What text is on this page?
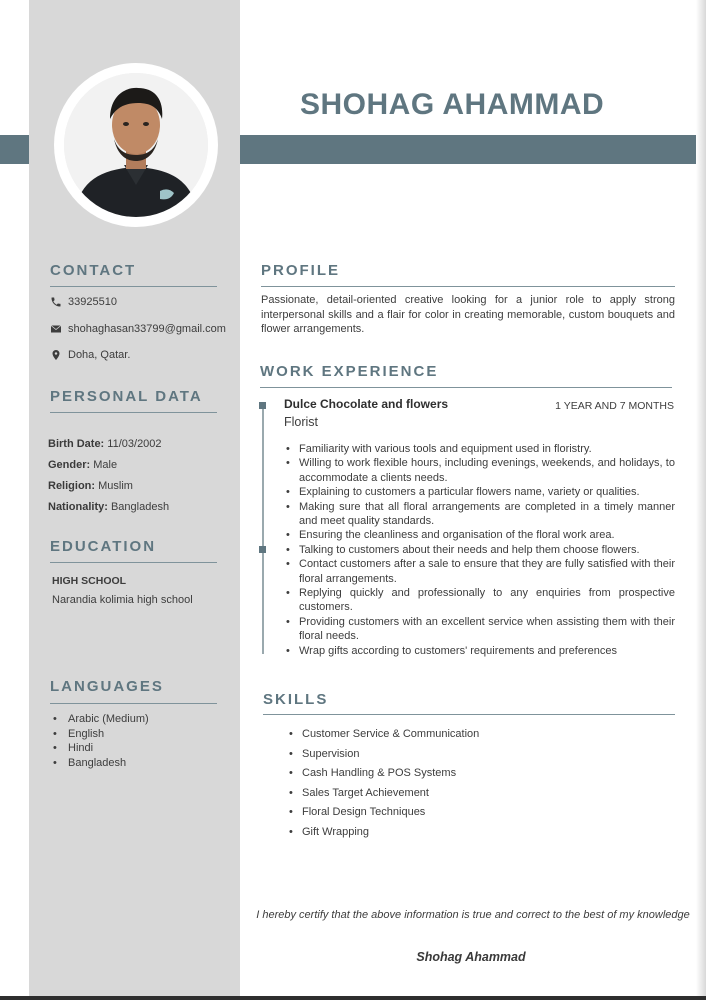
SHOHAG AHAMMAD
CONTACT
33925510
shohaghasan33799@gmail.com
Doha, Qatar.
PERSONAL DATA
Birth Date: 11/03/2002
Gender: Male
Religion: Muslim
Nationality: Bangladesh
EDUCATION
HIGH SCHOOL
Narandia kolimia high school
LANGUAGES
• Arabic (Medium)
• English
• Hindi
• Bangladesh
PROFILE

Passionate, detail-oriented creative looking for a junior role to apply strong interpersonal skills and a flair for color in creating memorable, custom bouquets and flower arrangements.

WORK EXPERIENCE
Dulce Chocolate and flowers	1 YEAR AND 7 MONTHS
Florist
• Familiarity with various tools and equipment used in floristry.
• Willing to work flexible hours, including evenings, weekends, and holidays, to accommodate a clients needs.
• Explaining to customers a particular flowers name, variety or qualities.
• Making sure that all floral arrangements are completed in a timely manner and meet quality standards.
• Ensuring the cleanliness and organisation of the floral work area.
• Talking to customers about their needs and help them choose flowers.
• Contact customers after a sale to ensure that they are fully satisfied with their floral arrangements.
• Replying quickly and professionally to any enquiries from prospective customers.
• Providing customers with an excellent service when assisting them with their floral needs.
• Wrap gifts according to customers' requirements and preferences
SKILLS
• Customer Service & Communication
• Supervision
• Cash Handling & POS Systems
• Sales Target Achievement
• Floral Design Techniques
• Gift Wrapping

I hereby certify that the above information is true and correct to the best of my knowledge

Shohag Ahammad
